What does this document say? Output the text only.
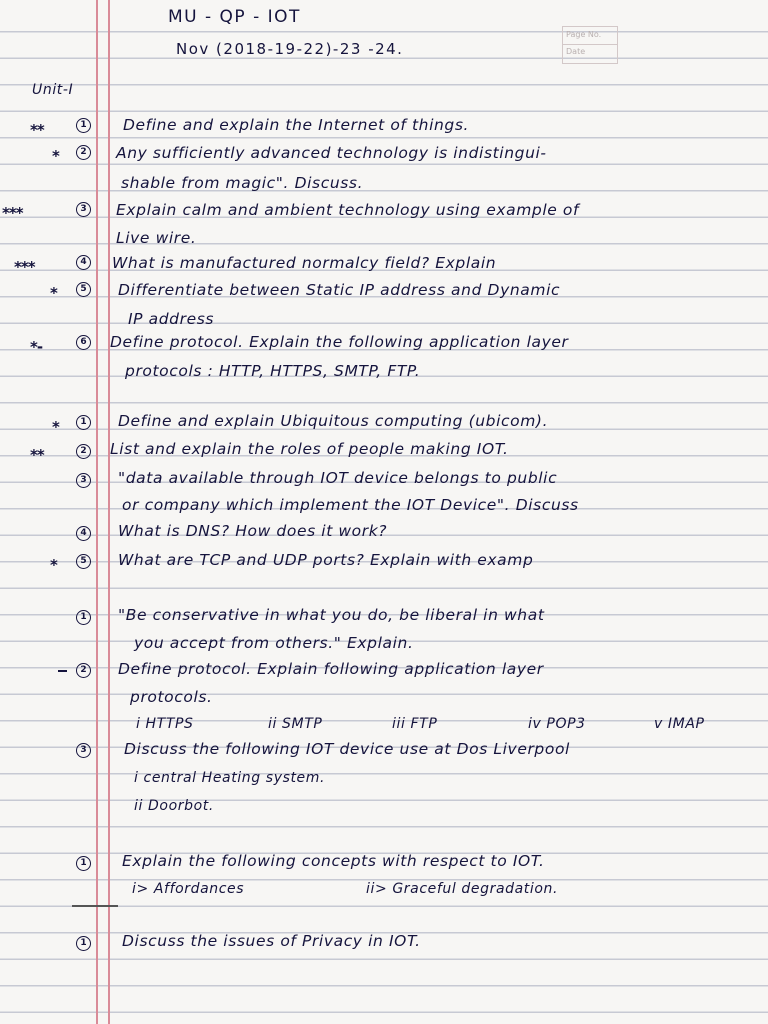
MU - QP - IOT
Nov (2018-19-22)-23 -24.
Page No.
Date
Unit-I
**	1 Define and explain the Internet of things.
*	2 Any sufficiently advanced technology is indistingui-
shable from magic". Discuss.
***	3 Explain calm and ambient technology using example of
Live wire.
***	4 What is manufactured normalcy field? Explain
*	5 Differentiate between Static IP address and Dynamic
IP address
*-	6 Define protocol. Explain the following application layer
protocols : HTTP, HTTPS, SMTP, FTP.
*	1 Define and explain Ubiquitous computing (ubicom).
**	2 List and explain the roles of people making IOT.
3 "data available through IOT device belongs to public
or company which implement the IOT Device". Discuss
4 What is DNS? How does it work?
*	5 What are TCP and UDP ports? Explain with examp
1 "Be conservative in what you do, be liberal in what
you accept from others." Explain.
2 Define protocol. Explain following application layer
protocols.
i HTTPS	ii SMTP	iii FTP	iv POP3	v IMAP
3 Discuss the following IOT device use at Dos Liverpool
i central Heating system.
ii Doorbot.
1 Explain the following concepts with respect to IOT.
i> Affordances	ii> Graceful degradation.
1 Discuss the issues of Privacy in IOT.
